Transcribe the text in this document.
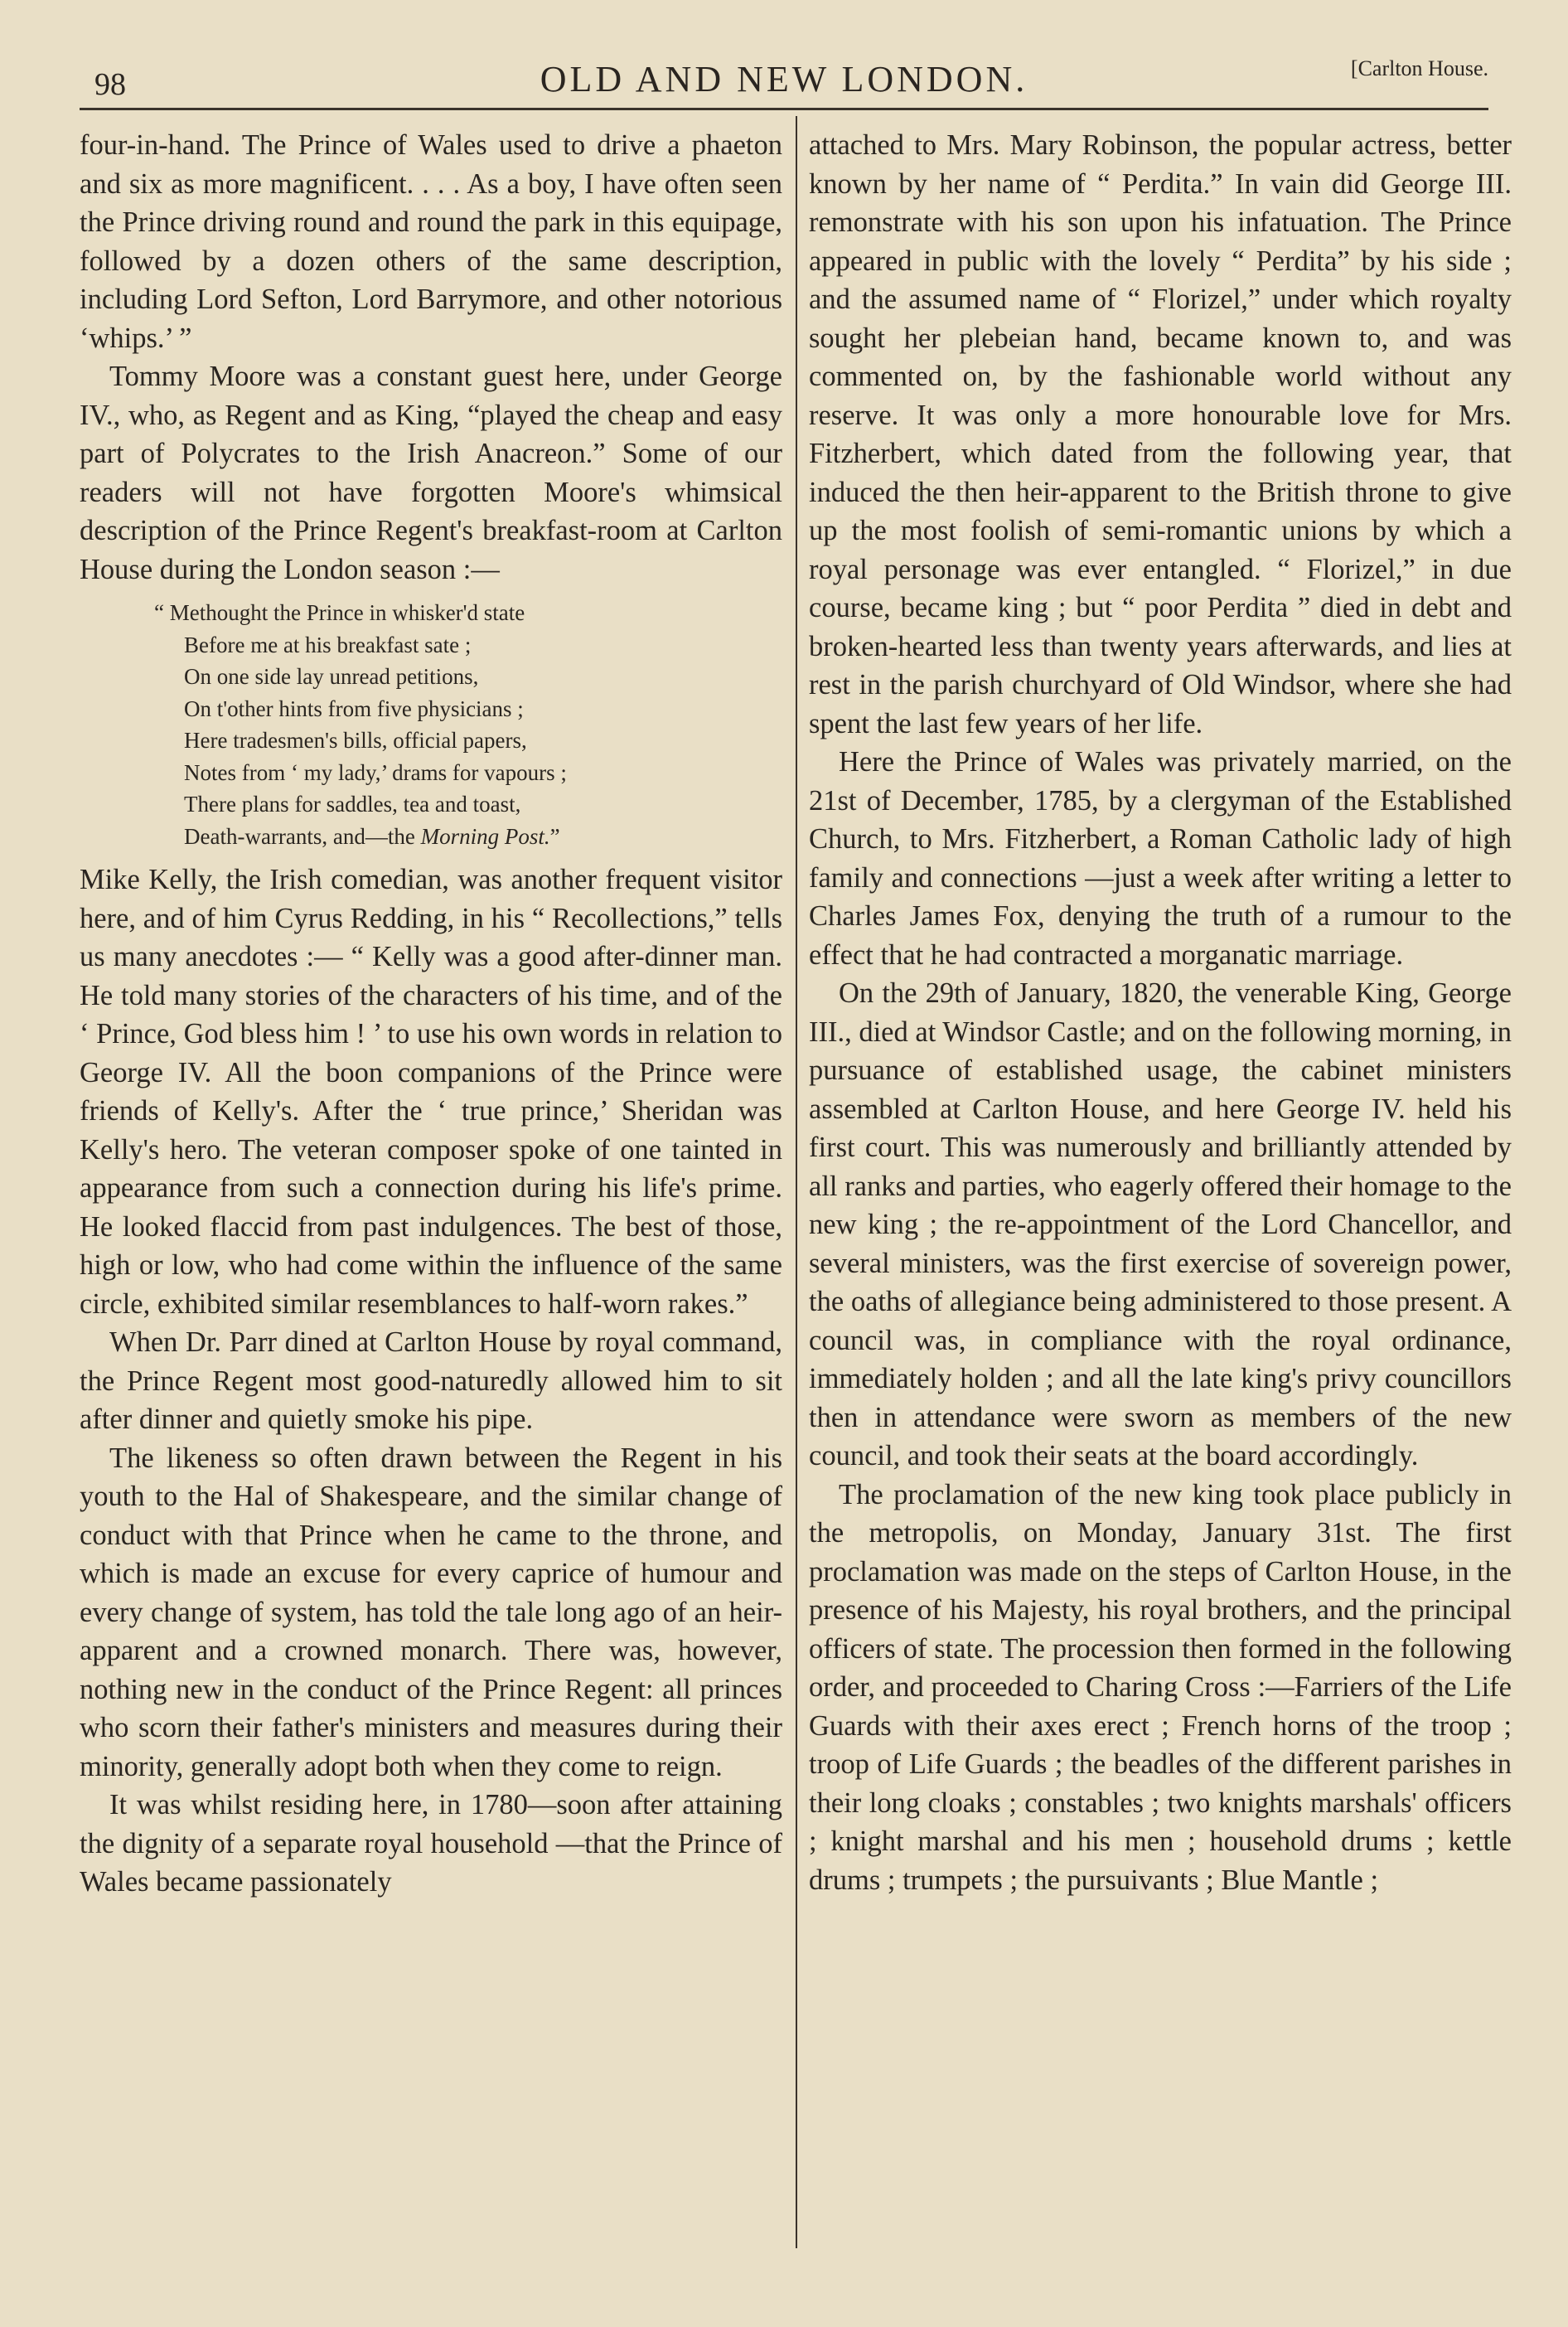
98	OLD AND NEW LONDON.	[Carlton House.

four-in-hand. The Prince of Wales used to drive a phaeton and six as more magnificent. . . . As a boy, I have often seen the Prince driving round and round the park in this equipage, followed by a dozen others of the same description, including Lord Sefton, Lord Barrymore, and other notorious ‘whips.’ ”

Tommy Moore was a constant guest here, under George IV., who, as Regent and as King, “played the cheap and easy part of Polycrates to the Irish Anacreon.” Some of our readers will not have forgotten Moore's whimsical description of the Prince Regent's breakfast-room at Carlton House during the London season :—

“ Methought the Prince in whisker'd state
Before me at his breakfast sate ;
On one side lay unread petitions,
On t'other hints from five physicians ;
Here tradesmen's bills, official papers,
Notes from ‘ my lady,’ drams for vapours ;
There plans for saddles, tea and toast,
Death-warrants, and—the Morning Post.”

Mike Kelly, the Irish comedian, was another frequent visitor here, and of him Cyrus Redding, in his “ Recollections,” tells us many anecdotes :— “ Kelly was a good after-dinner man. He told many stories of the characters of his time, and of the ‘ Prince, God bless him ! ’ to use his own words in relation to George IV. All the boon companions of the Prince were friends of Kelly's. After the ‘ true prince,’ Sheridan was Kelly's hero. The veteran composer spoke of one tainted in appearance from such a connection during his life's prime. He looked flaccid from past indulgences. The best of those, high or low, who had come within the influence of the same circle, exhibited similar resemblances to half-worn rakes.”

When Dr. Parr dined at Carlton House by royal command, the Prince Regent most good-naturedly allowed him to sit after dinner and quietly smoke his pipe.

The likeness so often drawn between the Regent in his youth to the Hal of Shakespeare, and the similar change of conduct with that Prince when he came to the throne, and which is made an excuse for every caprice of humour and every change of system, has told the tale long ago of an heir-apparent and a crowned monarch. There was, however, nothing new in the conduct of the Prince Regent: all princes who scorn their father's ministers and measures during their minority, generally adopt both when they come to reign.

It was whilst residing here, in 1780—soon after attaining the dignity of a separate royal household —that the Prince of Wales became passionately

attached to Mrs. Mary Robinson, the popular actress, better known by her name of “ Perdita.” In vain did George III. remonstrate with his son upon his infatuation. The Prince appeared in public with the lovely “ Perdita” by his side ; and the assumed name of “ Florizel,” under which royalty sought her plebeian hand, became known to, and was commented on, by the fashionable world without any reserve. It was only a more honourable love for Mrs. Fitzherbert, which dated from the following year, that induced the then heir-apparent to the British throne to give up the most foolish of semi-romantic unions by which a royal personage was ever entangled. “ Florizel,” in due course, became king ; but “ poor Perdita ” died in debt and broken-hearted less than twenty years afterwards, and lies at rest in the parish churchyard of Old Windsor, where she had spent the last few years of her life.

Here the Prince of Wales was privately married, on the 21st of December, 1785, by a clergyman of the Established Church, to Mrs. Fitzherbert, a Roman Catholic lady of high family and connections —just a week after writing a letter to Charles James Fox, denying the truth of a rumour to the effect that he had contracted a morganatic marriage.

On the 29th of January, 1820, the venerable King, George III., died at Windsor Castle; and on the following morning, in pursuance of established usage, the cabinet ministers assembled at Carlton House, and here George IV. held his first court. This was numerously and brilliantly attended by all ranks and parties, who eagerly offered their homage to the new king ; the re-appointment of the Lord Chancellor, and several ministers, was the first exercise of sovereign power, the oaths of allegiance being administered to those present. A council was, in compliance with the royal ordinance, immediately holden ; and all the late king's privy councillors then in attendance were sworn as members of the new council, and took their seats at the board accordingly.

The proclamation of the new king took place publicly in the metropolis, on Monday, January 31st. The first proclamation was made on the steps of Carlton House, in the presence of his Majesty, his royal brothers, and the principal officers of state. The procession then formed in the following order, and proceeded to Charing Cross :—Farriers of the Life Guards with their axes erect ; French horns of the troop ; troop of Life Guards ; the beadles of the different parishes in their long cloaks ; constables ; two knights marshals' officers ; knight marshal and his men ; household drums ; kettle drums ; trumpets ; the pursuivants ; Blue Mantle ;
